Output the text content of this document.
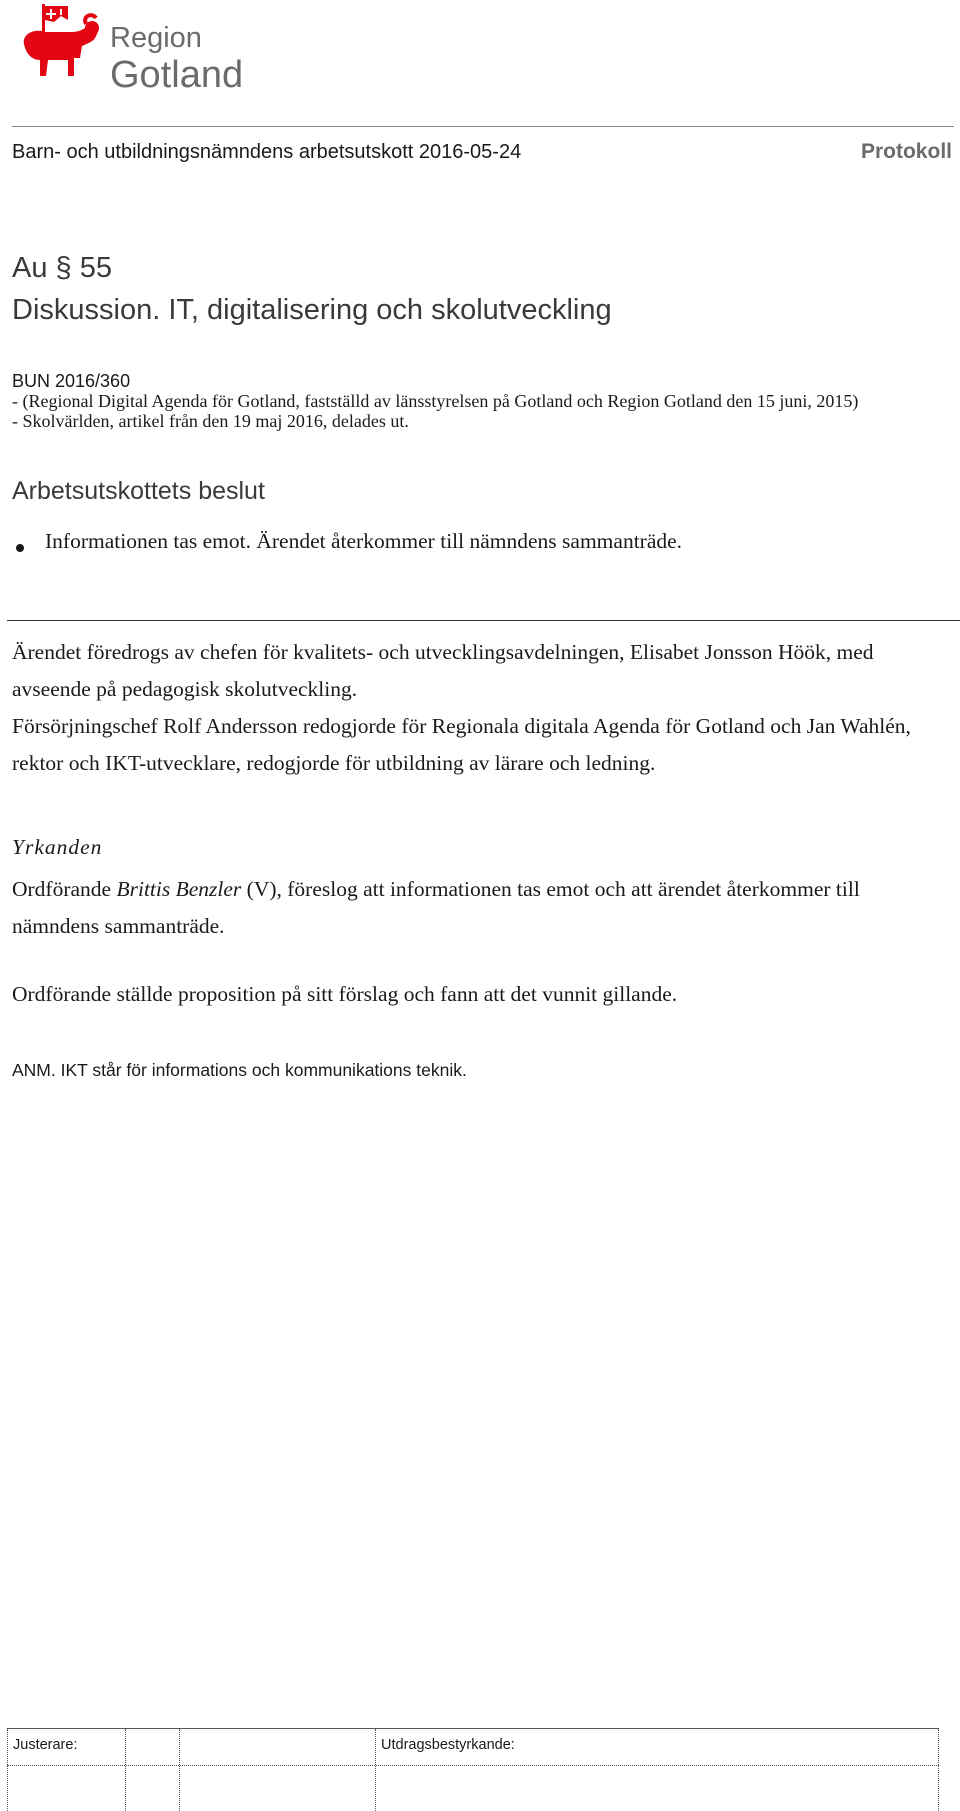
Region
Gotland
Barn- och utbildningsnämndens arbetsutskott 2016-05-24	Protokoll
Au § 55
Diskussion. IT, digitalisering och skolutveckling
BUN 2016/360
- (Regional Digital Agenda för Gotland, fastställd av länsstyrelsen på Gotland och Region Gotland den 15 juni, 2015)
- Skolvärlden, artikel från den 19 maj 2016, delades ut.
Arbetsutskottets beslut
Informationen tas emot. Ärendet återkommer till nämndens sammanträde.

Ärendet föredrogs av chefen för kvalitets- och utvecklingsavdelningen, Elisabet Jonsson Höök, med avseende på pedagogisk skolutveckling.

Försörjningschef Rolf Andersson redogjorde för Regionala digitala Agenda för Gotland och Jan Wahlén, rektor och IKT-utvecklare, redogjorde för utbildning av lärare och ledning.

Yrkanden
Ordförande Brittis Benzler (V), föreslog att informationen tas emot och att ärendet återkommer till nämndens sammanträde.
Ordförande ställde proposition på sitt förslag och fann att det vunnit gillande.
ANM. IKT står för informations och kommunikations teknik.
Justerare:	Utdragsbestyrkande:
